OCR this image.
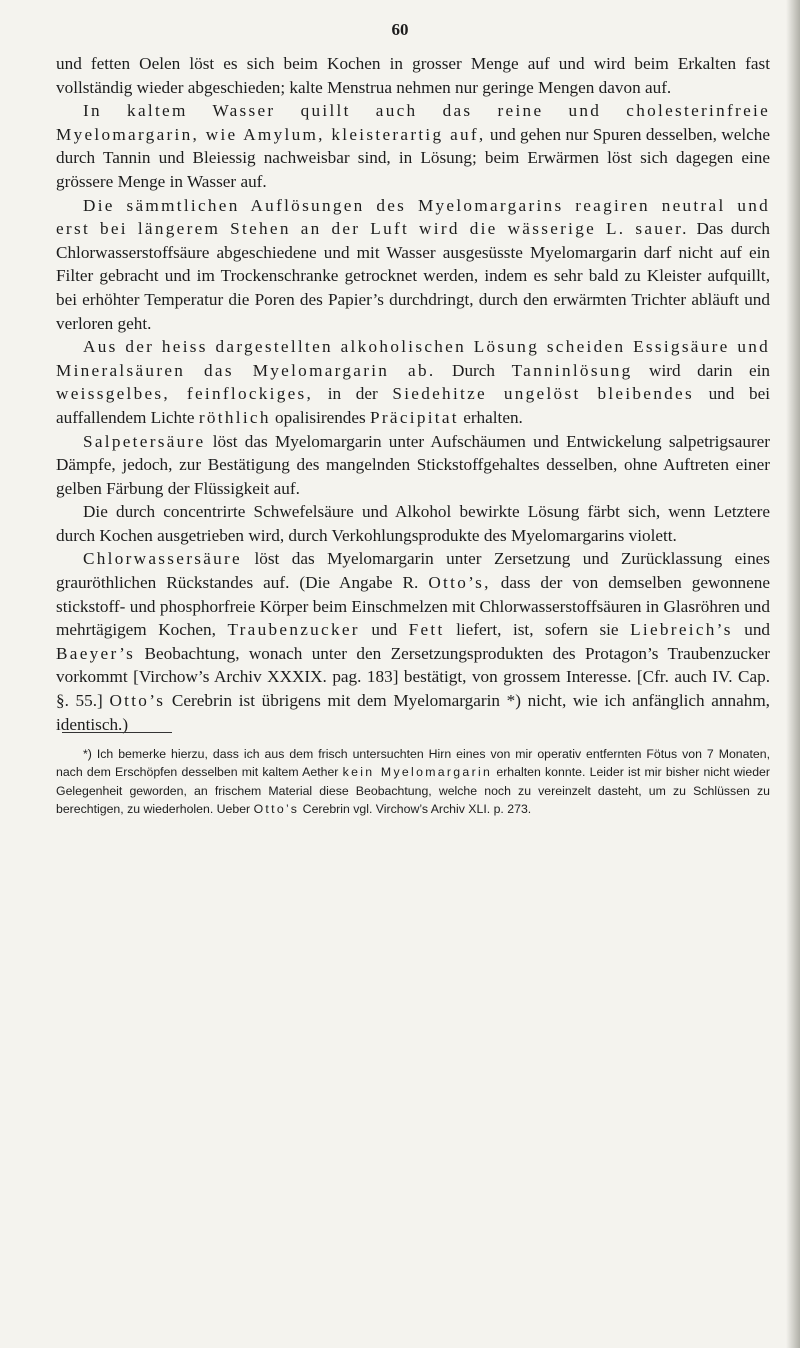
60

und fetten Oelen löst es sich beim Kochen in grosser Menge auf und wird beim Erkalten fast vollständig wieder abgeschieden; kalte Menstrua nehmen nur geringe Mengen davon auf.

In kaltem Wasser quillt auch das reine und cholesterinfreie Myelomargarin, wie Amylum, kleisterartig auf, und gehen nur Spuren desselben, welche durch Tannin und Bleiessig nachweisbar sind, in Lösung; beim Erwärmen löst sich dagegen eine grössere Menge in Wasser auf.

Die sämmtlichen Auflösungen des Myelomargarins reagiren neutral und erst bei längerem Stehen an der Luft wird die wässerige L. sauer. Das durch Chlorwasserstoffsäure abgeschiedene und mit Wasser ausgesüsste Myelomargarin darf nicht auf ein Filter gebracht und im Trockenschranke getrocknet werden, indem es sehr bald zu Kleister aufquillt, bei erhöhter Temperatur die Poren des Papier’s durchdringt, durch den erwärmten Trichter abläuft und verloren geht.

Aus der heiss dargestellten alkoholischen Lösung scheiden Essigsäure und Mineralsäuren das Myelomargarin ab. Durch Tanninlösung wird darin ein weissgelbes, feinflockiges, in der Siedehitze ungelöst bleibendes und bei auffallendem Lichte röthlich opalisirendes Präcipitat erhalten.

Salpetersäure löst das Myelomargarin unter Aufschäumen und Entwickelung salpetrigsaurer Dämpfe, jedoch, zur Bestätigung des mangelnden Stickstoffgehaltes desselben, ohne Auftreten einer gelben Färbung der Flüssigkeit auf.

Die durch concentrirte Schwefelsäure und Alkohol bewirkte Lösung färbt sich, wenn Letztere durch Kochen ausgetrieben wird, durch Verkohlungsprodukte des Myelomargarins violett.

Chlorwassersäure löst das Myelomargarin unter Zersetzung und Zurücklassung eines grauröthlichen Rückstandes auf. (Die Angabe R. Otto’s, dass der von demselben gewonnene stickstoff- und phosphorfreie Körper beim Einschmelzen mit Chlorwasserstoffsäuren in Glasröhren und mehrtägigem Kochen, Traubenzucker und Fett liefert, ist, sofern sie Liebreich’s und Baeyer’s Beobachtung, wonach unter den Zersetzungsprodukten des Protagon’s Traubenzucker vorkommt [Virchow’s Archiv XXXIX. pag. 183] bestätigt, von grossem Interesse. [Cfr. auch IV. Cap. §. 55.] Otto’s Cerebrin ist übrigens mit dem Myelomargarin *) nicht, wie ich anfänglich annahm, identisch.)

*) Ich bemerke hierzu, dass ich aus dem frisch untersuchten Hirn eines von mir operativ entfernten Fötus von 7 Monaten, nach dem Erschöpfen desselben mit kaltem Aether kein Myelomargarin erhalten konnte. Leider ist mir bisher nicht wieder Gelegenheit geworden, an frischem Material diese Beobachtung, welche noch zu vereinzelt dasteht, um zu Schlüssen zu berechtigen, zu wiederholen. Ueber Otto’s Cerebrin vgl. Virchow’s Archiv XLI. p. 273.
